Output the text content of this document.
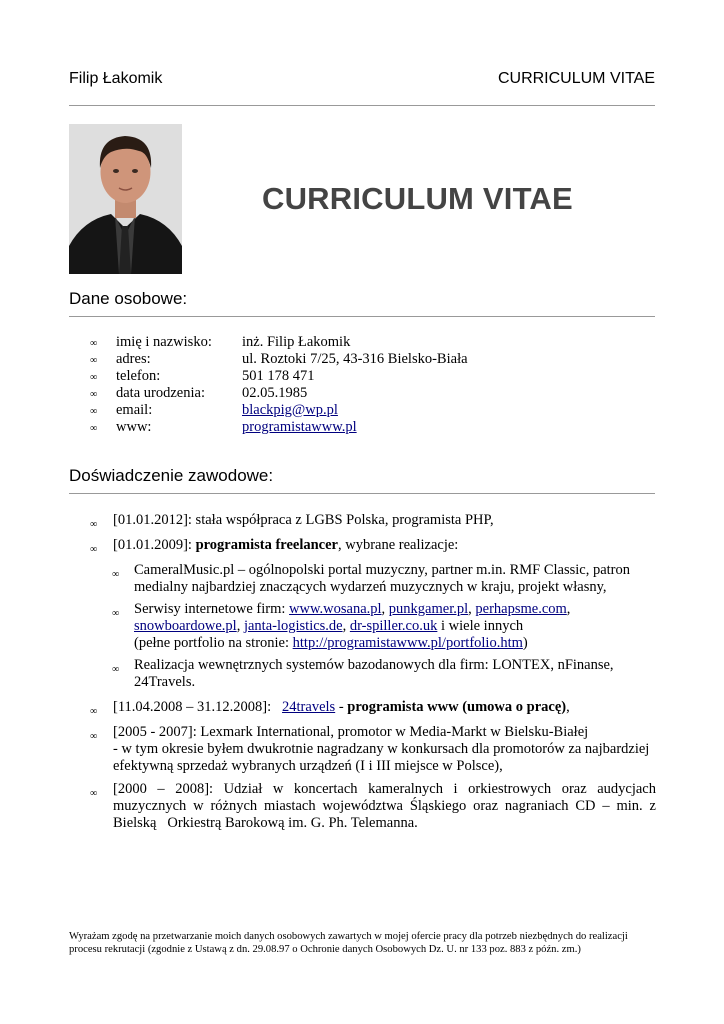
Filip Łakomik	CURRICULUM VITAE
CURRICULUM VITAE
Dane osobowe:
∞ imię i nazwisko: inż. Filip Łakomik
∞ adres:	ul. Roztoki 7/25, 43-316 Bielsko-Biała
∞ telefon:	501 178 471
∞ data urodzenia:	02.05.1985
∞ email:	blackpig@wp.pl
∞ www:	programistawww.pl
Doświadczenie zawodowe:
∞ [01.01.2012]: stała współpraca z LGBS Polska, programista PHP,
∞ [01.01.2009]: programista freelancer, wybrane realizacje:
∞ CameralMusic.pl – ogólnopolski portal muzyczny, partner m.in. RMF Classic, patron medialny najbardziej znaczących wydarzeń muzycznych w kraju, projekt własny,
∞ Serwisy internetowe firm: www.wosana.pl, punkgamer.pl, perhapsme.com,
snowboardowe.pl, janta-logistics.de, dr-spiller.co.uk i wiele innych
(pełne portfolio na stronie: http://programistawww.pl/portfolio.htm)
∞ Realizacja wewnętrznych systemów bazodanowych dla firm: LONTEX, nFinanse, 24Travels.
∞ [11.04.2008 – 31.12.2008]:   24travels - programista www (umowa o pracę),
∞ [2005 - 2007]: Lexmark International, promotor w Media-Markt w Bielsku-Białej
- w tym okresie byłem dwukrotnie nagradzany w konkursach dla promotorów za najbardziej efektywną sprzedaż wybranych urządzeń (I i III miejsce w Polsce),
∞ [2000 – 2008]: Udział w koncertach kameralnych i orkiestrowych oraz audycjach muzycznych w różnych miastach województwa Śląskiego oraz nagraniach CD – min. z Bielską   Orkiestrą Barokową im. G. Ph. Telemanna.
Wyrażam zgodę na przetwarzanie moich danych osobowych zawartych w mojej ofercie pracy dla potrzeb niezbędnych do realizacji procesu rekrutacji (zgodnie z Ustawą z dn. 29.08.97 o Ochronie danych Osobowych Dz. U. nr 133 poz. 883 z późn. zm.)
